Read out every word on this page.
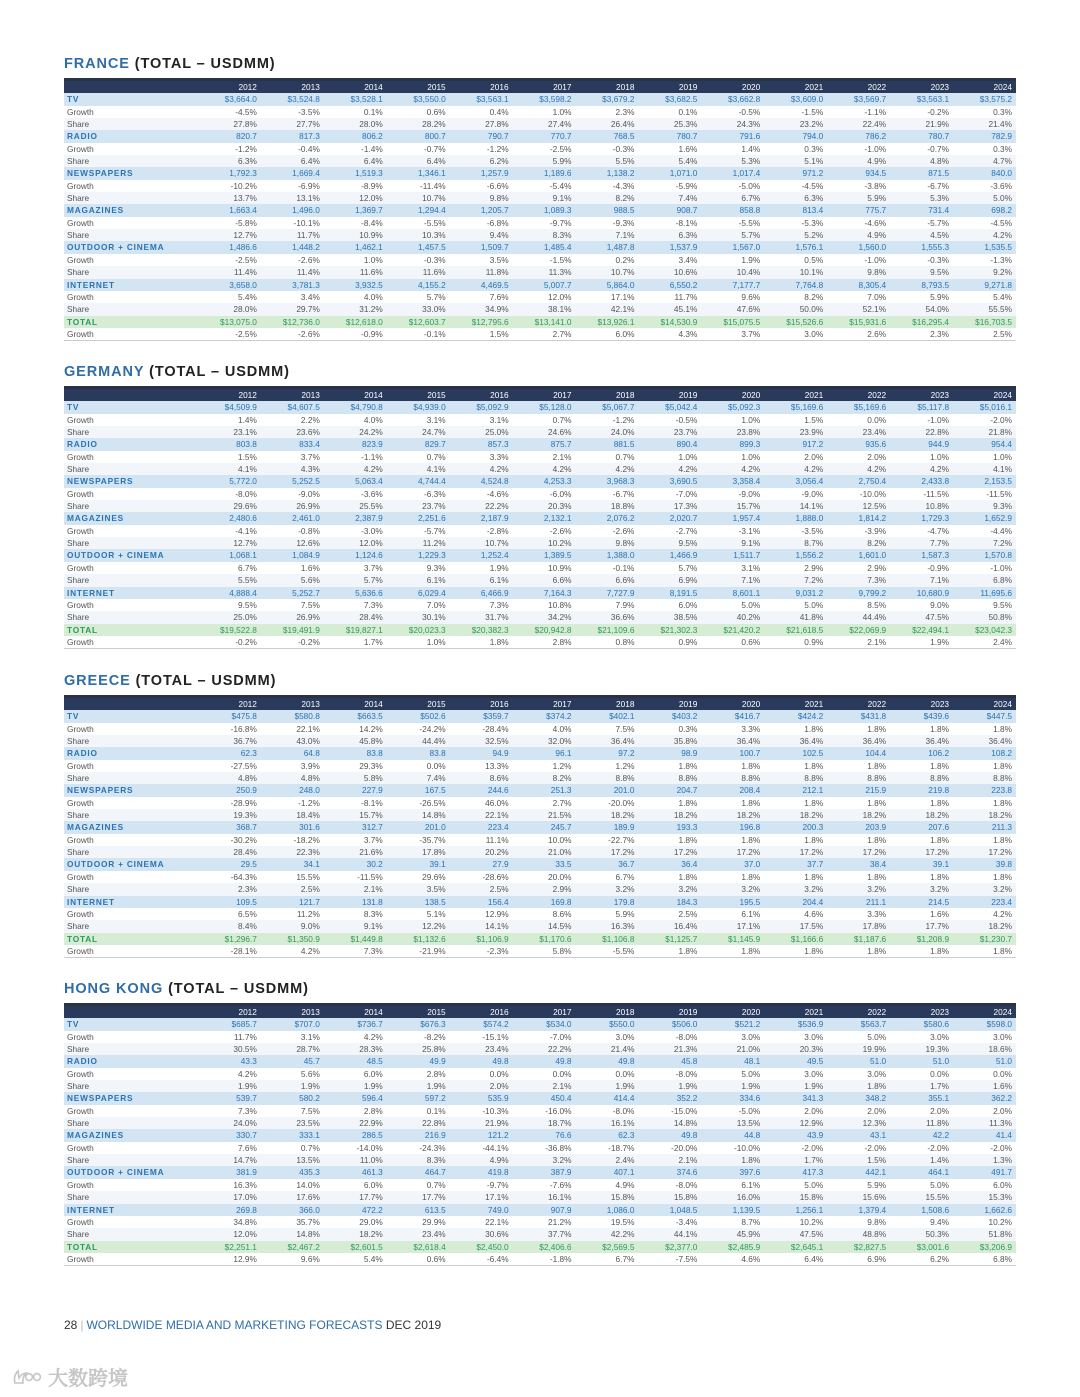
FRANCE (TOTAL – USDMM)
	2012	2013	2014	2015	2016	2017	2018	2019	2020	2021	2022	2023	2024
TV	$3,664.0	$3,524.8	$3,528.1	$3,550.0	$3,563.1	$3,598.2	$3,679.2	$3,682.5	$3,662.8	$3,609.0	$3,569.7	$3,563.1	$3,575.2
Growth	-4.5%	-3.5%	0.1%	0.6%	0.4%	1.0%	2.3%	0.1%	-0.5%	-1.5%	-1.1%	-0.2%	0.3%
Share	27.8%	27.7%	28.0%	28.2%	27.8%	27.4%	26.4%	25.3%	24.3%	23.2%	22.4%	21.9%	21.4%
RADIO	820.7	817.3	806.2	800.7	790.7	770.7	768.5	780.7	791.6	794.0	786.2	780.7	782.9
Growth	-1.2%	-0.4%	-1.4%	-0.7%	-1.2%	-2.5%	-0.3%	1.6%	1.4%	0.3%	-1.0%	-0.7%	0.3%
Share	6.3%	6.4%	6.4%	6.4%	6.2%	5.9%	5.5%	5.4%	5.3%	5.1%	4.9%	4.8%	4.7%
NEWSPAPERS	1,792.3	1,669.4	1,519.3	1,346.1	1,257.9	1,189.6	1,138.2	1,071.0	1,017.4	971.2	934.5	871.5	840.0
Growth	-10.2%	-6.9%	-8.9%	-11.4%	-6.6%	-5.4%	-4.3%	-5.9%	-5.0%	-4.5%	-3.8%	-6.7%	-3.6%
Share	13.7%	13.1%	12.0%	10.7%	9.8%	9.1%	8.2%	7.4%	6.7%	6.3%	5.9%	5.3%	5.0%
MAGAZINES	1,663.4	1,496.0	1,369.7	1,294.4	1,205.7	1,089.3	988.5	908.7	858.8	813.4	775.7	731.4	698.2
Growth	-5.8%	-10.1%	-8.4%	-5.5%	-6.8%	-9.7%	-9.3%	-8.1%	-5.5%	-5.3%	-4.6%	-5.7%	-4.5%
Share	12.7%	11.7%	10.9%	10.3%	9.4%	8.3%	7.1%	6.3%	5.7%	5.2%	4.9%	4.5%	4.2%
OUTDOOR + CINEMA	1,486.6	1,448.2	1,462.1	1,457.5	1,509.7	1,485.4	1,487.8	1,537.9	1,567.0	1,576.1	1,560.0	1,555.3	1,535.5
Growth	-2.5%	-2.6%	1.0%	-0.3%	3.5%	-1.5%	0.2%	3.4%	1.9%	0.5%	-1.0%	-0.3%	-1.3%
Share	11.4%	11.4%	11.6%	11.6%	11.8%	11.3%	10.7%	10.6%	10.4%	10.1%	9.8%	9.5%	9.2%
INTERNET	3,658.0	3,781.3	3,932.5	4,155.2	4,469.5	5,007.7	5,864.0	6,550.2	7,177.7	7,764.8	8,305.4	8,793.5	9,271.8
Growth	5.4%	3.4%	4.0%	5.7%	7.6%	12.0%	17.1%	11.7%	9.6%	8.2%	7.0%	5.9%	5.4%
Share	28.0%	29.7%	31.2%	33.0%	34.9%	38.1%	42.1%	45.1%	47.6%	50.0%	52.1%	54.0%	55.5%
TOTAL	$13,075.0	$12,736.0	$12,618.0	$12,603.7	$12,795.6	$13,141.0	$13,926.1	$14,530.9	$15,075.5	$15,526.6	$15,931.6	$16,295.4	$16,703.5
Growth	-2.5%	-2.6%	-0.9%	-0.1%	1.5%	2.7%	6.0%	4.3%	3.7%	3.0%	2.6%	2.3%	2.5%
GERMANY (TOTAL – USDMM)
	2012	2013	2014	2015	2016	2017	2018	2019	2020	2021	2022	2023	2024
TV	$4,509.9	$4,607.5	$4,790.8	$4,939.0	$5,092.9	$5,128.0	$5,067.7	$5,042.4	$5,092.3	$5,169.6	$5,169.6	$5,117.8	$5,016.1
Growth	1.4%	2.2%	4.0%	3.1%	3.1%	0.7%	-1.2%	-0.5%	1.0%	1.5%	0.0%	-1.0%	-2.0%
Share	23.1%	23.6%	24.2%	24.7%	25.0%	24.6%	24.0%	23.7%	23.8%	23.9%	23.4%	22.8%	21.8%
RADIO	803.8	833.4	823.9	829.7	857.3	875.7	881.5	890.4	899.3	917.2	935.6	944.9	954.4
Growth	1.5%	3.7%	-1.1%	0.7%	3.3%	2.1%	0.7%	1.0%	1.0%	2.0%	2.0%	1.0%	1.0%
Share	4.1%	4.3%	4.2%	4.1%	4.2%	4.2%	4.2%	4.2%	4.2%	4.2%	4.2%	4.2%	4.1%
NEWSPAPERS	5,772.0	5,252.5	5,063.4	4,744.4	4,524.8	4,253.3	3,968.3	3,690.5	3,358.4	3,056.4	2,750.4	2,433.8	2,153.5
Growth	-8.0%	-9.0%	-3.6%	-6.3%	-4.6%	-6.0%	-6.7%	-7.0%	-9.0%	-9.0%	-10.0%	-11.5%	-11.5%
Share	29.6%	26.9%	25.5%	23.7%	22.2%	20.3%	18.8%	17.3%	15.7%	14.1%	12.5%	10.8%	9.3%
MAGAZINES	2,480.6	2,461.0	2,387.9	2,251.6	2,187.9	2,132.1	2,076.2	2,020.7	1,957.4	1,888.0	1,814.2	1,729.3	1,652.9
Growth	-4.1%	-0.8%	-3.0%	-5.7%	-2.8%	-2.6%	-2.6%	-2.7%	-3.1%	-3.5%	-3.9%	-4.7%	-4.4%
Share	12.7%	12.6%	12.0%	11.2%	10.7%	10.2%	9.8%	9.5%	9.1%	8.7%	8.2%	7.7%	7.2%
OUTDOOR + CINEMA	1,068.1	1,084.9	1,124.6	1,229.3	1,252.4	1,389.5	1,388.0	1,466.9	1,511.7	1,556.2	1,601.0	1,587.3	1,570.8
Growth	6.7%	1.6%	3.7%	9.3%	1.9%	10.9%	-0.1%	5.7%	3.1%	2.9%	2.9%	-0.9%	-1.0%
Share	5.5%	5.6%	5.7%	6.1%	6.1%	6.6%	6.6%	6.9%	7.1%	7.2%	7.3%	7.1%	6.8%
INTERNET	4,888.4	5,252.7	5,636.6	6,029.4	6,466.9	7,164.3	7,727.9	8,191.5	8,601.1	9,031.2	9,799.2	10,680.9	11,695.6
Growth	9.5%	7.5%	7.3%	7.0%	7.3%	10.8%	7.9%	6.0%	5.0%	5.0%	8.5%	9.0%	9.5%
Share	25.0%	26.9%	28.4%	30.1%	31.7%	34.2%	36.6%	38.5%	40.2%	41.8%	44.4%	47.5%	50.8%
TOTAL	$19,522.8	$19,491.9	$19,827.1	$20,023.3	$20,382.3	$20,942.8	$21,109.6	$21,302.3	$21,420.2	$21,618.5	$22,069.9	$22,494.1	$23,042.3
Growth	-0.2%	-0.2%	1.7%	1.0%	1.8%	2.8%	0.8%	0.9%	0.6%	0.9%	2.1%	1.9%	2.4%
GREECE (TOTAL – USDMM)
	2012	2013	2014	2015	2016	2017	2018	2019	2020	2021	2022	2023	2024
TV	$475.8	$580.8	$663.5	$502.6	$359.7	$374.2	$402.1	$403.2	$416.7	$424.2	$431.8	$439.6	$447.5
Growth	-16.8%	22.1%	14.2%	-24.2%	-28.4%	4.0%	7.5%	0.3%	3.3%	1.8%	1.8%	1.8%	1.8%
Share	36.7%	43.0%	45.8%	44.4%	32.5%	32.0%	36.4%	35.8%	36.4%	36.4%	36.4%	36.4%	36.4%
RADIO	62.3	64.8	83.8	83.8	94.9	96.1	97.2	98.9	100.7	102.5	104.4	106.2	108.2
Growth	-27.5%	3.9%	29.3%	0.0%	13.3%	1.2%	1.2%	1.8%	1.8%	1.8%	1.8%	1.8%	1.8%
Share	4.8%	4.8%	5.8%	7.4%	8.6%	8.2%	8.8%	8.8%	8.8%	8.8%	8.8%	8.8%	8.8%
NEWSPAPERS	250.9	248.0	227.9	167.5	244.6	251.3	201.0	204.7	208.4	212.1	215.9	219.8	223.8
Growth	-28.9%	-1.2%	-8.1%	-26.5%	46.0%	2.7%	-20.0%	1.8%	1.8%	1.8%	1.8%	1.8%	1.8%
Share	19.3%	18.4%	15.7%	14.8%	22.1%	21.5%	18.2%	18.2%	18.2%	18.2%	18.2%	18.2%	18.2%
MAGAZINES	368.7	301.6	312.7	201.0	223.4	245.7	189.9	193.3	196.8	200.3	203.9	207.6	211.3
Growth	-30.2%	-18.2%	3.7%	-35.7%	11.1%	10.0%	-22.7%	1.8%	1.8%	1.8%	1.8%	1.8%	1.8%
Share	28.4%	22.3%	21.6%	17.8%	20.2%	21.0%	17.2%	17.2%	17.2%	17.2%	17.2%	17.2%	17.2%
OUTDOOR + CINEMA	29.5	34.1	30.2	39.1	27.9	33.5	36.7	36.4	37.0	37.7	38.4	39.1	39.8
Growth	-64.3%	15.5%	-11.5%	29.6%	-28.6%	20.0%	6.7%	1.8%	1.8%	1.8%	1.8%	1.8%	1.8%
Share	2.3%	2.5%	2.1%	3.5%	2.5%	2.9%	3.2%	3.2%	3.2%	3.2%	3.2%	3.2%	3.2%
INTERNET	109.5	121.7	131.8	138.5	156.4	169.8	179.8	184.3	195.5	204.4	211.1	214.5	223.4
Growth	6.5%	11.2%	8.3%	5.1%	12.9%	8.6%	5.9%	2.5%	6.1%	4.6%	3.3%	1.6%	4.2%
Share	8.4%	9.0%	9.1%	12.2%	14.1%	14.5%	16.3%	16.4%	17.1%	17.5%	17.8%	17.7%	18.2%
TOTAL	$1,296.7	$1,350.9	$1,449.8	$1,132.6	$1,106.9	$1,170.6	$1,106.8	$1,125.7	$1,145.9	$1,166.6	$1,187.6	$1,208.9	$1,230.7
Growth	-28.1%	4.2%	7.3%	-21.9%	-2.3%	5.8%	-5.5%	1.8%	1.8%	1.8%	1.8%	1.8%	1.8%
HONG KONG (TOTAL – USDMM)
	2012	2013	2014	2015	2016	2017	2018	2019	2020	2021	2022	2023	2024
TV	$685.7	$707.0	$736.7	$676.3	$574.2	$534.0	$550.0	$506.0	$521.2	$536.9	$563.7	$580.6	$598.0
Growth	11.7%	3.1%	4.2%	-8.2%	-15.1%	-7.0%	3.0%	-8.0%	3.0%	3.0%	5.0%	3.0%	3.0%
Share	30.5%	28.7%	28.3%	25.8%	23.4%	22.2%	21.4%	21.3%	21.0%	20.3%	19.9%	19.3%	18.6%
RADIO	43.3	45.7	48.5	49.9	49.8	49.8	49.8	45.8	48.1	49.5	51.0	51.0	51.0
Growth	4.2%	5.6%	6.0%	2.8%	0.0%	0.0%	0.0%	-8.0%	5.0%	3.0%	3.0%	0.0%	0.0%
Share	1.9%	1.9%	1.9%	1.9%	2.0%	2.1%	1.9%	1.9%	1.9%	1.9%	1.8%	1.7%	1.6%
NEWSPAPERS	539.7	580.2	596.4	597.2	535.9	450.4	414.4	352.2	334.6	341.3	348.2	355.1	362.2
Growth	7.3%	7.5%	2.8%	0.1%	-10.3%	-16.0%	-8.0%	-15.0%	-5.0%	2.0%	2.0%	2.0%	2.0%
Share	24.0%	23.5%	22.9%	22.8%	21.9%	18.7%	16.1%	14.8%	13.5%	12.9%	12.3%	11.8%	11.3%
MAGAZINES	330.7	333.1	286.5	216.9	121.2	76.6	62.3	49.8	44.8	43.9	43.1	42.2	41.4
Growth	7.6%	0.7%	-14.0%	-24.3%	-44.1%	-36.8%	-18.7%	-20.0%	-10.0%	-2.0%	-2.0%	-2.0%	-2.0%
Share	14.7%	13.5%	11.0%	8.3%	4.9%	3.2%	2.4%	2.1%	1.8%	1.7%	1.5%	1.4%	1.3%
OUTDOOR + CINEMA	381.9	435.3	461.3	464.7	419.8	387.9	407.1	374.6	397.6	417.3	442.1	464.1	491.7
Growth	16.3%	14.0%	6.0%	0.7%	-9.7%	-7.6%	4.9%	-8.0%	6.1%	5.0%	5.9%	5.0%	6.0%
Share	17.0%	17.6%	17.7%	17.7%	17.1%	16.1%	15.8%	15.8%	16.0%	15.8%	15.6%	15.5%	15.3%
INTERNET	269.8	366.0	472.2	613.5	749.0	907.9	1,086.0	1,048.5	1,139.5	1,256.1	1,379.4	1,508.6	1,662.6
Growth	34.8%	35.7%	29.0%	29.9%	22.1%	21.2%	19.5%	-3.4%	8.7%	10.2%	9.8%	9.4%	10.2%
Share	12.0%	14.8%	18.2%	23.4%	30.6%	37.7%	42.2%	44.1%	45.9%	47.5%	48.8%	50.3%	51.8%
TOTAL	$2,251.1	$2,467.2	$2,601.5	$2,618.4	$2,450.0	$2,406.6	$2,569.5	$2,377.0	$2,485.9	$2,645.1	$2,827.5	$3,001.6	$3,206.9
Growth	12.9%	9.6%	5.4%	0.6%	-6.4%	-1.8%	6.7%	-7.5%	4.6%	6.4%	6.9%	6.2%	6.8%
28 | WORLDWIDE MEDIA AND MARKETING FORECASTS DEC 2019
大数跨境
